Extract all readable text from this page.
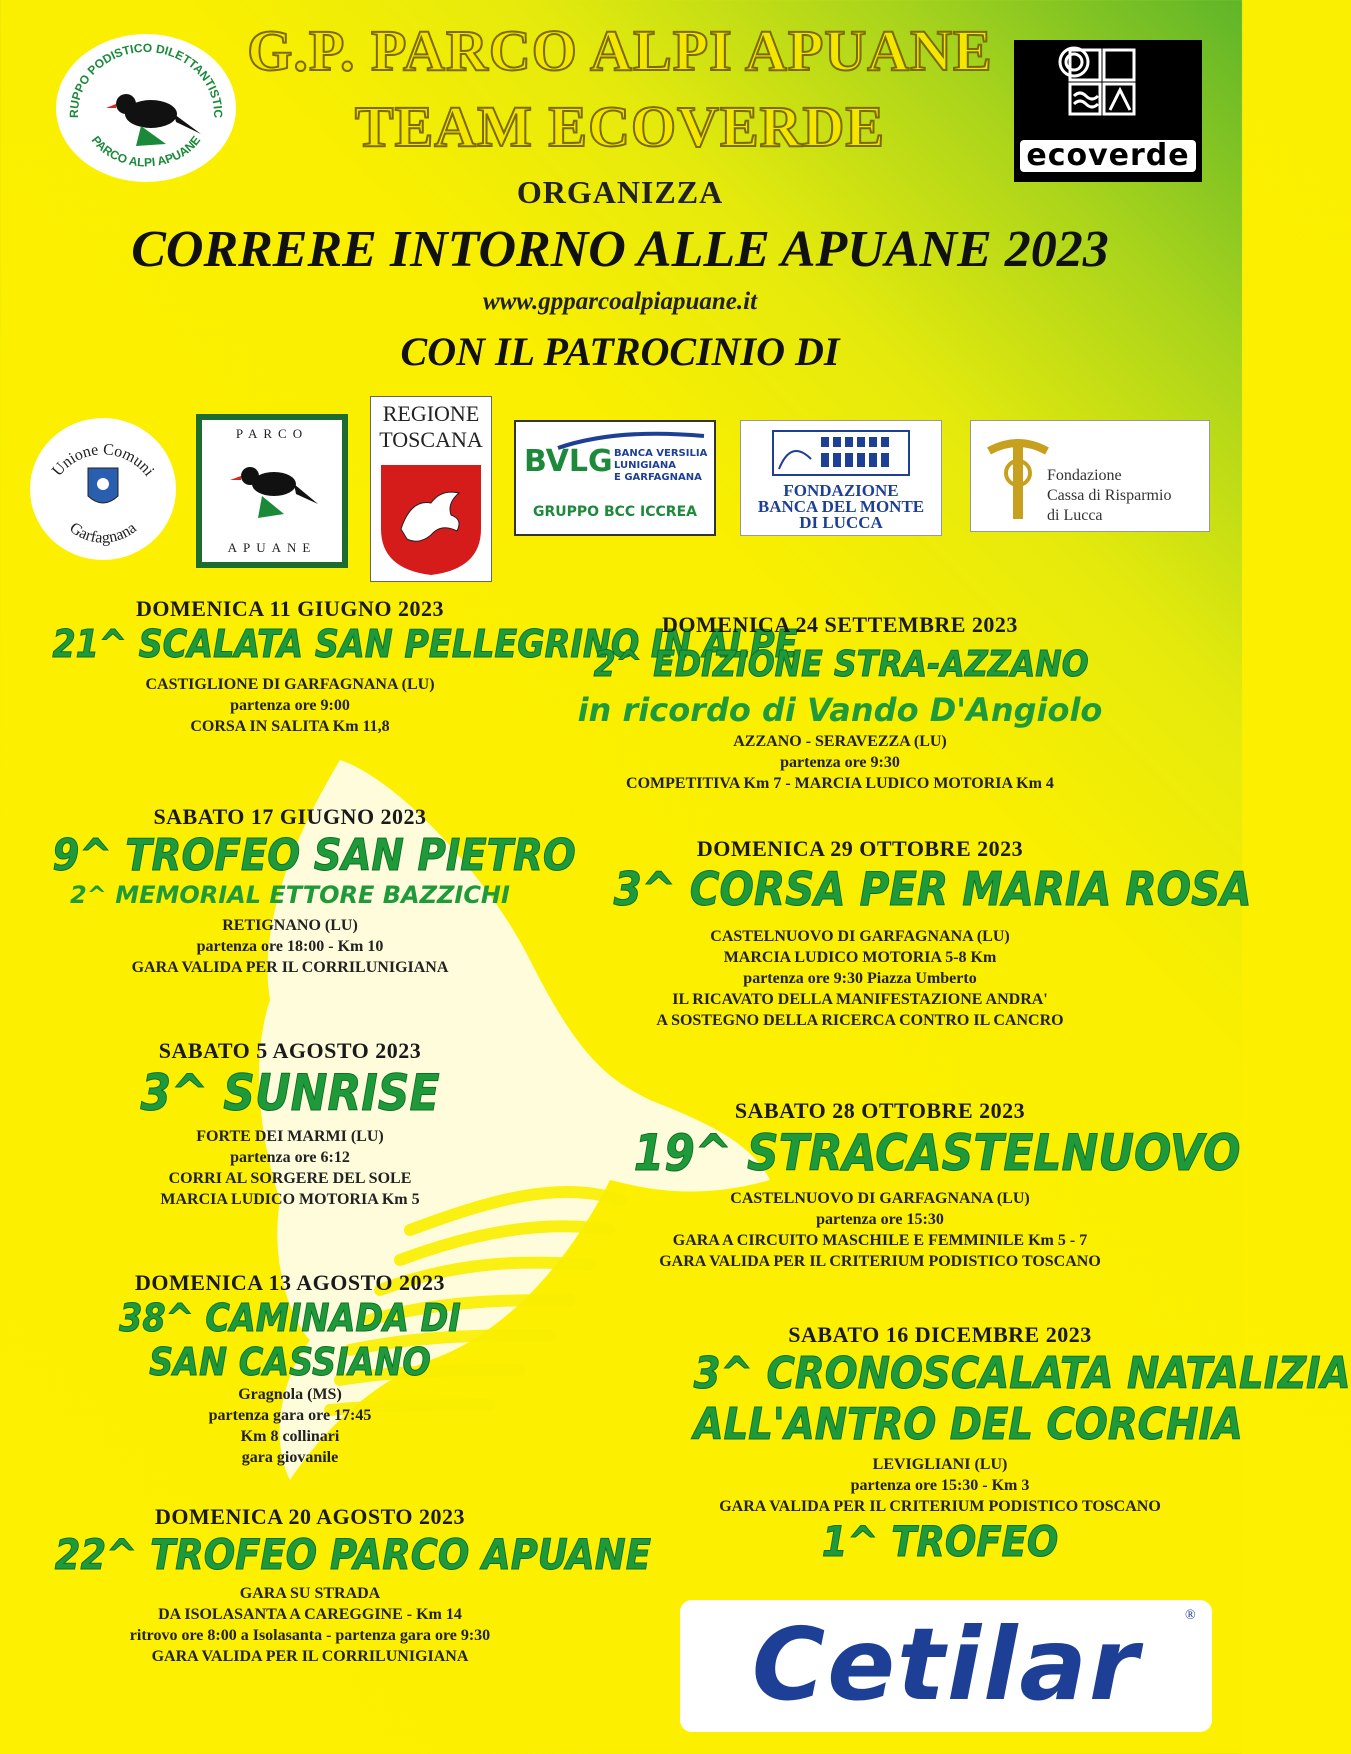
RUPPO PODISTICO DILETTANTISTIC
PARCO ALPI APUANE
G.P. PARCO ALPI APUANE
TEAM ECOVERDE	ecoverde
ORGANIZZA
CORRERE INTORNO ALLE APUANE 2023
www.gpparcoalpiapuane.it
CON IL PATROCINIO DI
Unione Comuni
Garfagnana
PARCO
APUANE
REGIONE
TOSCANA
BVLG BANCA VERSILIA
LUNIGIANA
E GARFAGNANA
GRUPPO BCC ICCREA
FONDAZIONE
BANCA DEL MONTE
DI LUCCA
Fondazione
Cassa di Risparmio
di Lucca
DOMENICA 11 GIUGNO 2023
21^ SCALATA SAN PELLEGRINO IN ALPE
CASTIGLIONE DI GARFAGNANA (LU)
partenza ore 9:00
CORSA IN SALITA Km 11,8
SABATO 17 GIUGNO 2023
9^ TROFEO SAN PIETRO
2^ MEMORIAL ETTORE BAZZICHI
RETIGNANO (LU)
partenza ore 18:00 - Km 10
GARA VALIDA PER IL CORRILUNIGIANA
SABATO 5 AGOSTO 2023
3^ SUNRISE
FORTE DEI MARMI (LU)
partenza ore 6:12
CORRI AL SORGERE DEL SOLE
MARCIA LUDICO MOTORIA Km 5
DOMENICA 13 AGOSTO 2023
38^ CAMINADA DI
SAN CASSIANO
Gragnola (MS)
partenza gara ore 17:45
Km 8 collinari
gara giovanile
DOMENICA 20 AGOSTO 2023
22^ TROFEO PARCO APUANE
GARA SU STRADA
DA ISOLASANTA A CAREGGINE - Km 14
ritrovo ore 8:00 a Isolasanta - partenza gara ore 9:30
GARA VALIDA PER IL CORRILUNIGIANA
DOMENICA 24 SETTEMBRE 2023
2^ EDIZIONE STRA-AZZANO
in ricordo di Vando D'Angiolo
AZZANO - SERAVEZZA (LU)
partenza ore 9:30
COMPETITIVA Km 7 - MARCIA LUDICO MOTORIA Km 4
DOMENICA 29 OTTOBRE 2023
3^ CORSA PER MARIA ROSA
CASTELNUOVO DI GARFAGNANA (LU)
MARCIA LUDICO MOTORIA 5-8 Km
partenza ore 9:30 Piazza Umberto
IL RICAVATO DELLA MANIFESTAZIONE ANDRA'
A SOSTEGNO DELLA RICERCA CONTRO IL CANCRO
SABATO 28 OTTOBRE 2023
19^ STRACASTELNUOVO
CASTELNUOVO DI GARFAGNANA (LU)
partenza ore 15:30
GARA A CIRCUITO MASCHILE E FEMMINILE Km 5 - 7
GARA VALIDA PER IL CRITERIUM PODISTICO TOSCANO
SABATO 16 DICEMBRE 2023
3^ CRONOSCALATA NATALIZIA
ALL'ANTRO DEL CORCHIA
LEVIGLIANI (LU)
partenza ore 15:30 - Km 3
GARA VALIDA PER IL CRITERIUM PODISTICO TOSCANO
1^ TROFEO
Cetilar	®
